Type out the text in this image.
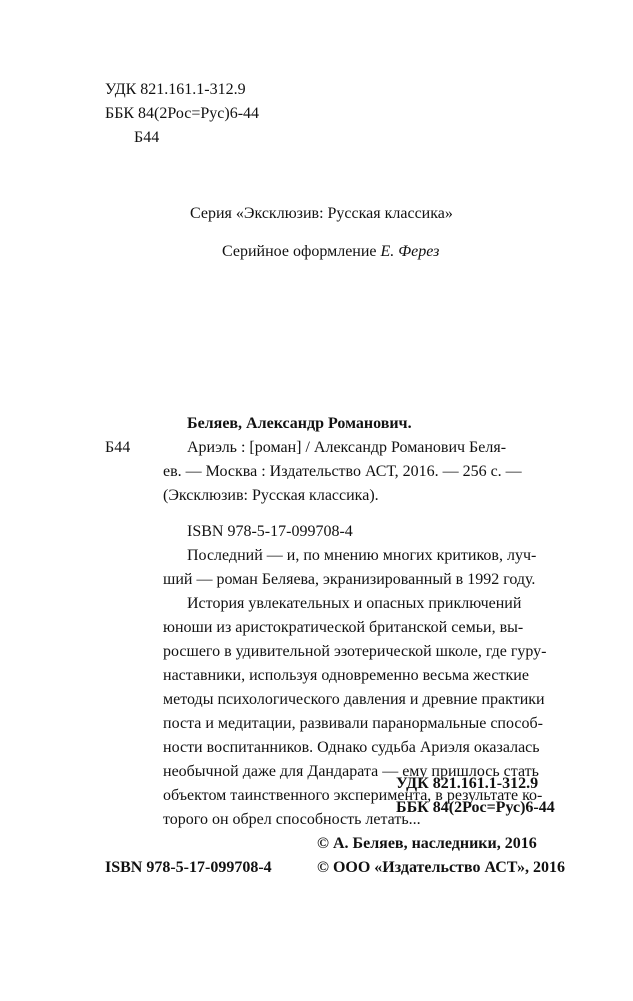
УДК 821.161.1-312.9
ББК 84(2Рос=Рус)6-44
Б44
Серия «Эксклюзив: Русская классика»
Серийное оформление Е. Ферез
Беляев, Александр Романович.
Б44	Ариэль : [роман] / Александр Романович Беля-
ев. — Москва : Издательство АСТ, 2016. — 256 с. —
(Эксклюзив: Русская классика).
ISBN 978-5-17-099708-4
Последний — и, по мнению многих критиков, луч-
ший — роман Беляева, экранизированный в 1992 году.
История увлекательных и опасных приключений
юноши из аристократической британской семьи, вы-
росшего в удивительной эзотерической школе, где гуру-
наставники, используя одновременно весьма жесткие
методы психологического давления и древние практики
поста и медитации, развивали паранормальные способ-
ности воспитанников. Однако судьба Ариэля оказалась
необычной даже для Дандарата — ему пришлось стать
объектом таинственного эксперимента, в результате ко-
торого он обрел способность летать...
УДК 821.161.1-312.9
ББК 84(2Рос=Рус)6-44
© А. Беляев, наследники, 2016
ISBN 978-5-17-099708-4	© ООО «Издательство АСТ», 2016
